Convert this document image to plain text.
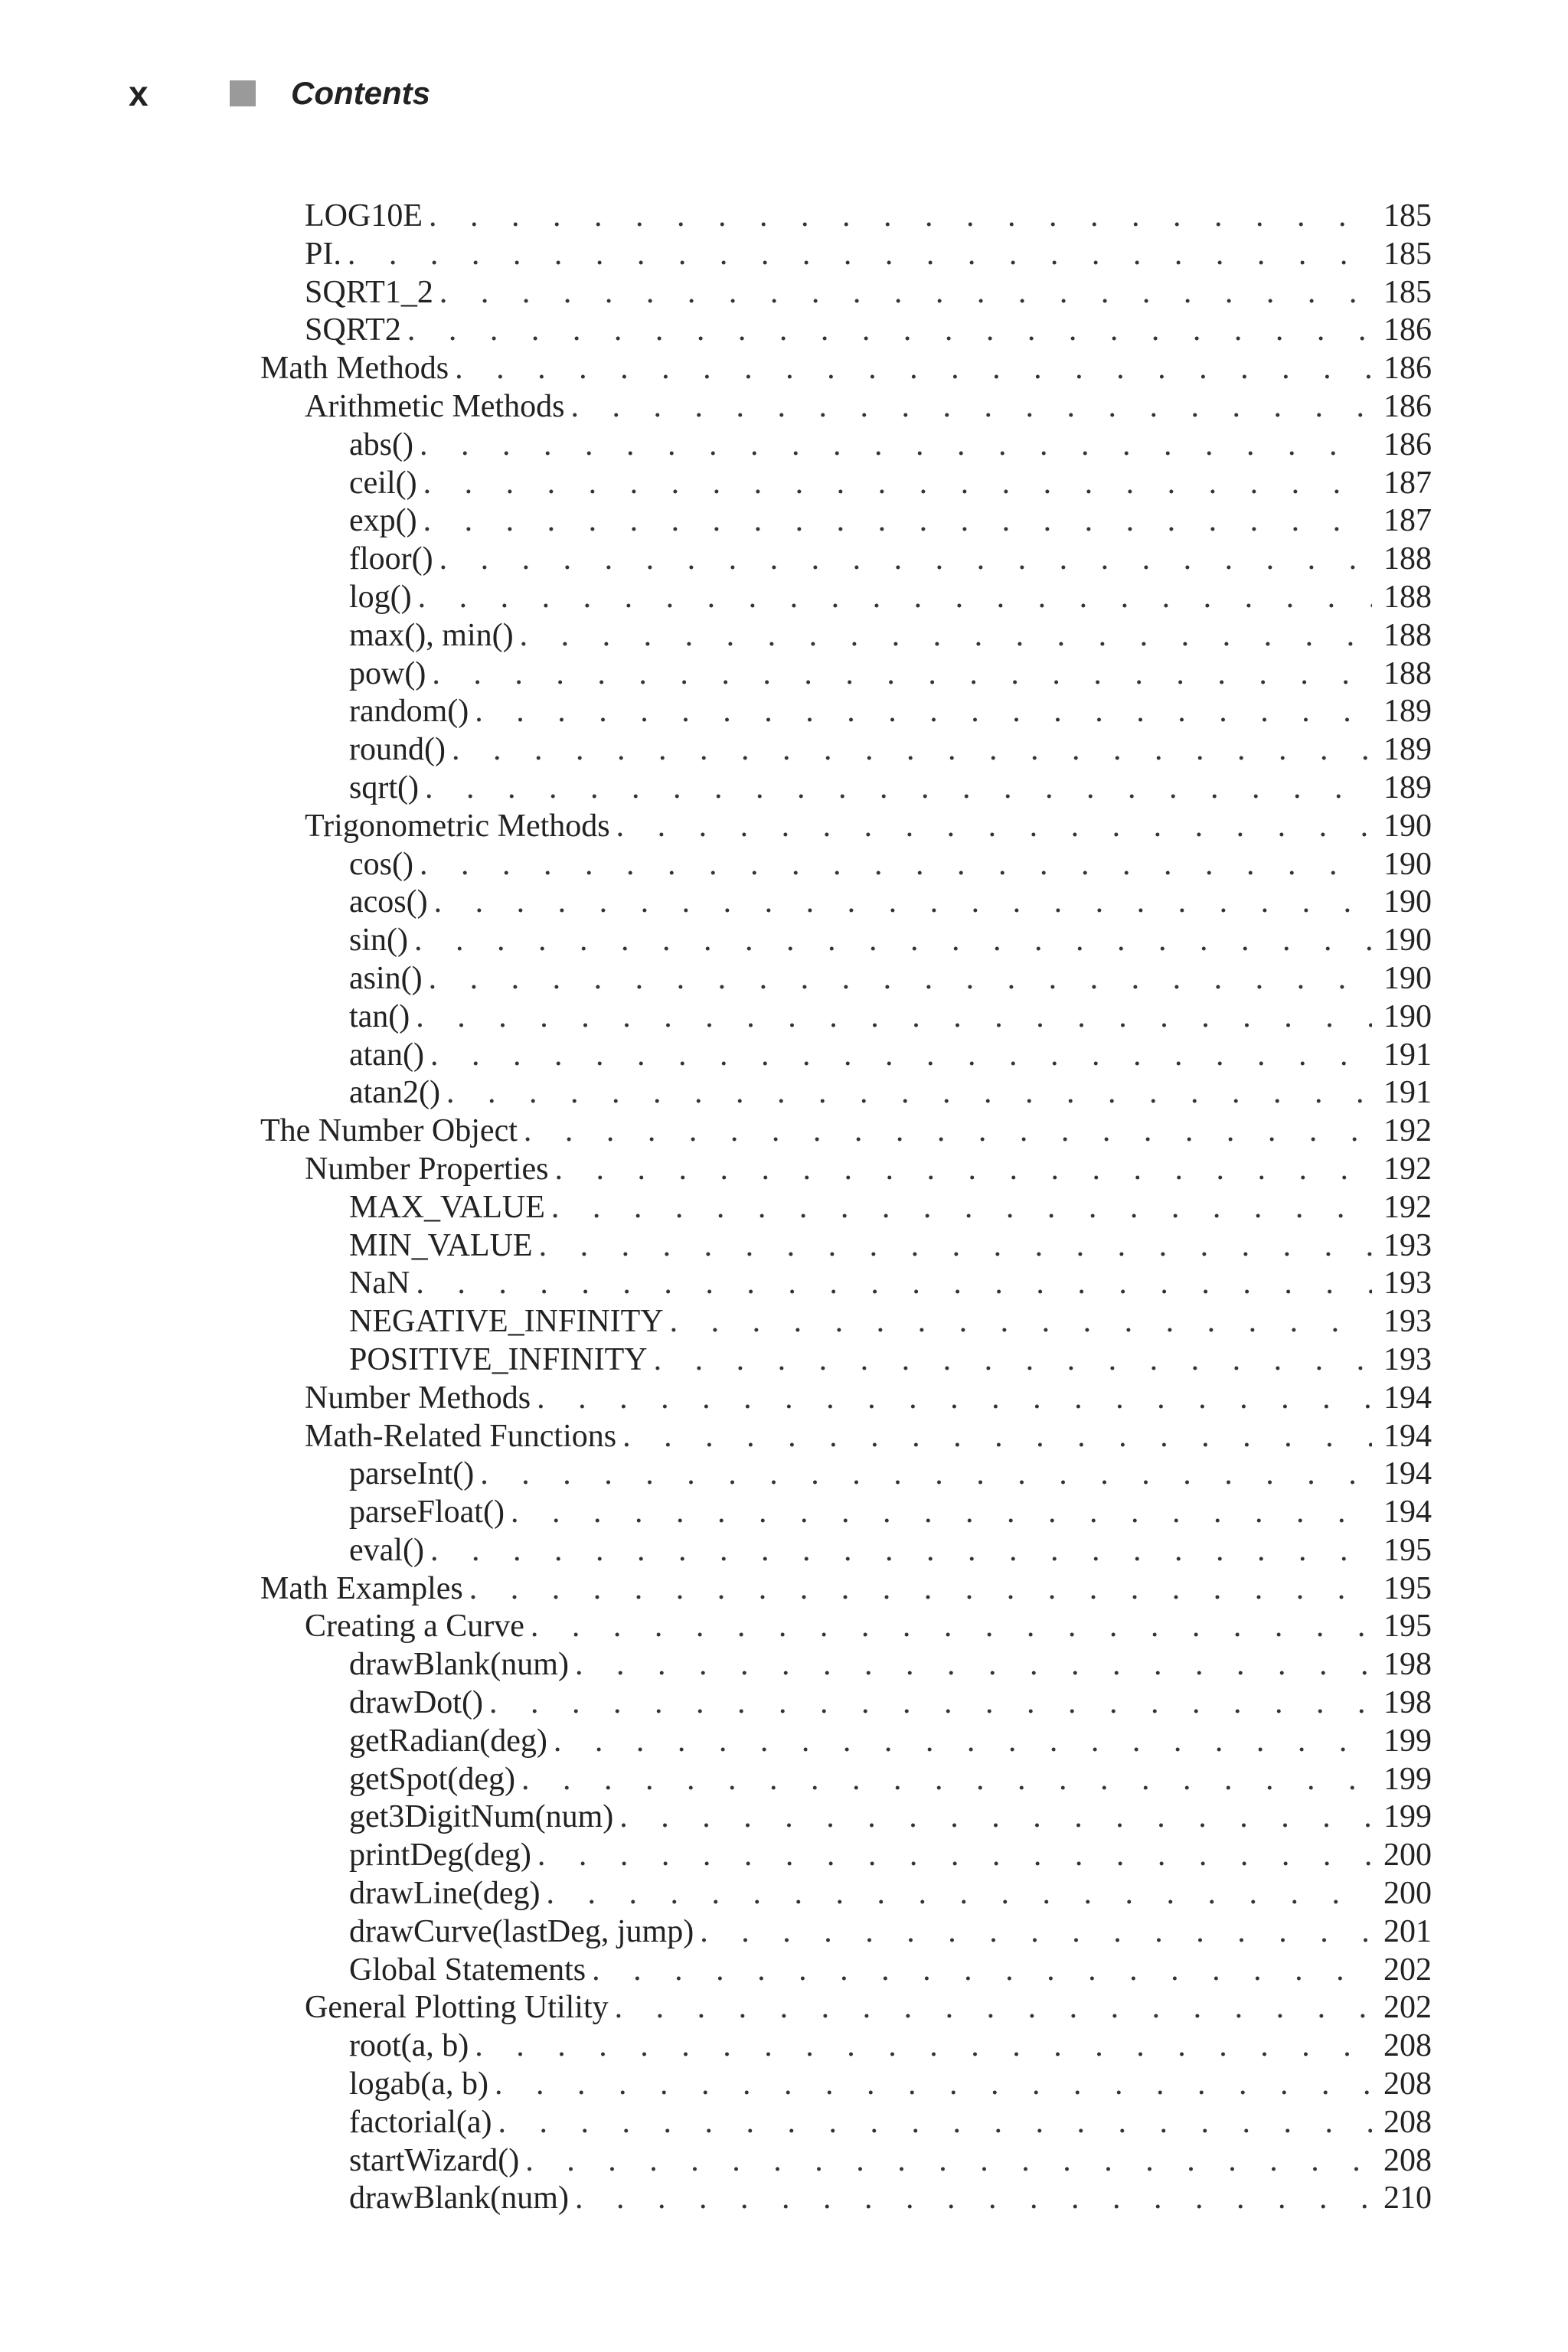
x	Contents
LOG10E . . .	185
PI. . . .	185
SQRT1_2 . . .	185
SQRT2 . . .	186
Math Methods . . .	186
Arithmetic Methods . . .	186
abs() . . .	186
ceil() . . .	187
exp() . . .	187
floor() . . .	188
log() . . .	188
max(), min() . . .	188
pow() . . .	188
random() . . .	189
round() . . .	189
sqrt() . . .	189
Trigonometric Methods . . .	190
cos() . . .	190
acos() . . .	190
sin() . . .	190
asin() . . .	190
tan() . . .	190
atan() . . .	191
atan2() . . .	191
The Number Object . . .	192
Number Properties . . .	192
MAX_VALUE . . .	192
MIN_VALUE . . .	193
NaN . . .	193
NEGATIVE_INFINITY . . .	193
POSITIVE_INFINITY . . .	193
Number Methods . . .	194
Math-Related Functions . . .	194
parseInt() . . .	194
parseFloat() . . .	194
eval() . . .	195
Math Examples . . .	195
Creating a Curve . . .	195
drawBlank(num) . . .	198
drawDot() . . .	198
getRadian(deg) . . .	199
getSpot(deg) . . .	199
get3DigitNum(num) . . .	199
printDeg(deg) . . .	200
drawLine(deg) . . .	200
drawCurve(lastDeg, jump) . . .	201
Global Statements . . .	202
General Plotting Utility . . .	202
root(a, b) . . .	208
logab(a, b) . . .	208
factorial(a) . . .	208
startWizard() . . .	208
drawBlank(num) . . .	210
